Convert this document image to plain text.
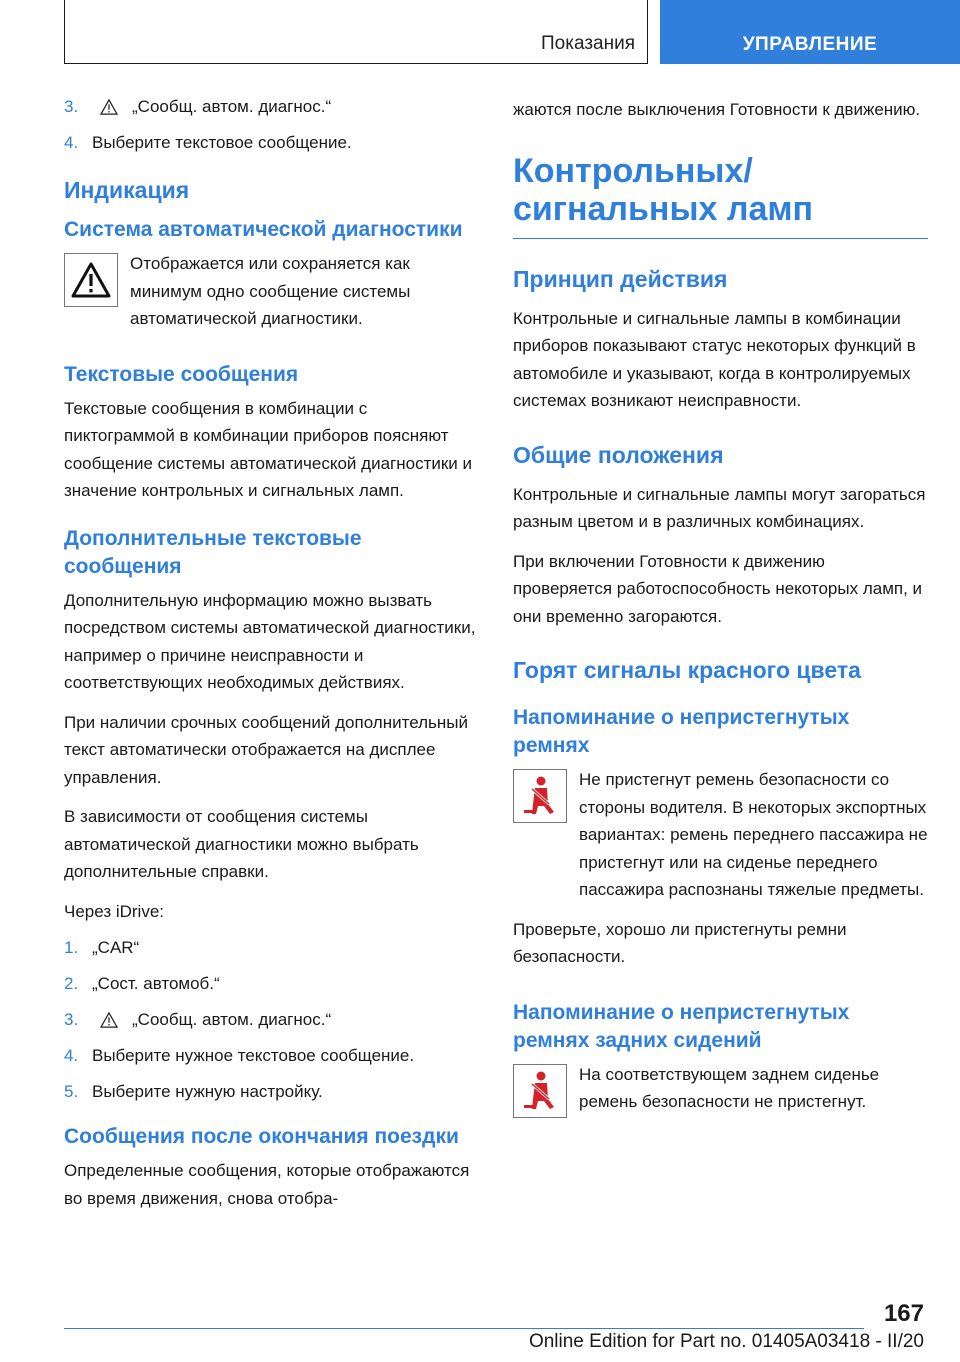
Показания	УПРАВЛЕНИЕ
3.	„Сообщ. автом. диагнос.“
4. Выберите текстовое сообщение.
Индикация
Система автоматической диагностики

Отображается или сохраняется как минимум одно сообщение системы автоматической диагностики.

Текстовые сообщения

Текстовые сообщения в комбинации с пиктограммой в комбинации приборов поясняют сообщение системы автоматической диагностики и значение контрольных и сигнальных ламп.

Дополнительные текстовые сообщения

Дополнительную информацию можно вызвать посредством системы автоматической диагностики, например о причине неисправности и соответствующих необходимых действиях.

При наличии срочных сообщений дополнительный текст автоматически отображается на дисплее управления.

В зависимости от сообщения системы автоматической диагностики можно выбрать дополнительные справки.

Через iDrive:

1. „CAR“
2. „Сост. автомоб.“
3.	„Сообщ. автом. диагнос.“
4. Выберите нужное текстовое сообщение.
5. Выберите нужную настройку.
Сообщения после окончания поездки

Определенные сообщения, которые отображаются во время движения, снова отобра-

жаются после выключения Готовности к движению.

Контрольных/сигнальных ламп
Принцип действия

Контрольные и сигнальные лампы в комбинации приборов показывают статус некоторых функций в автомобиле и указывают, когда в контролируемых системах возникают неисправности.

Общие положения

Контрольные и сигнальные лампы могут загораться разным цветом и в различных комбинациях.

При включении Готовности к движению проверяется работоспособность некоторых ламп, и они временно загораются.

Горят сигналы красного цвета
Напоминание о непристегнутых ремнях

Не пристегнут ремень безопасности со стороны водителя. В некоторых экспортных вариантах: ремень переднего пассажира не пристегнут или на сиденье переднего пассажира распознаны тяжелые предметы.

Проверьте, хорошо ли пристегнуты ремни безопасности.

Напоминание о непристегнутых ремнях задних сидений

На соответствующем заднем сиденье ремень безопасности не пристегнут.

167
Online Edition for Part no. 01405A03418 - II/20
